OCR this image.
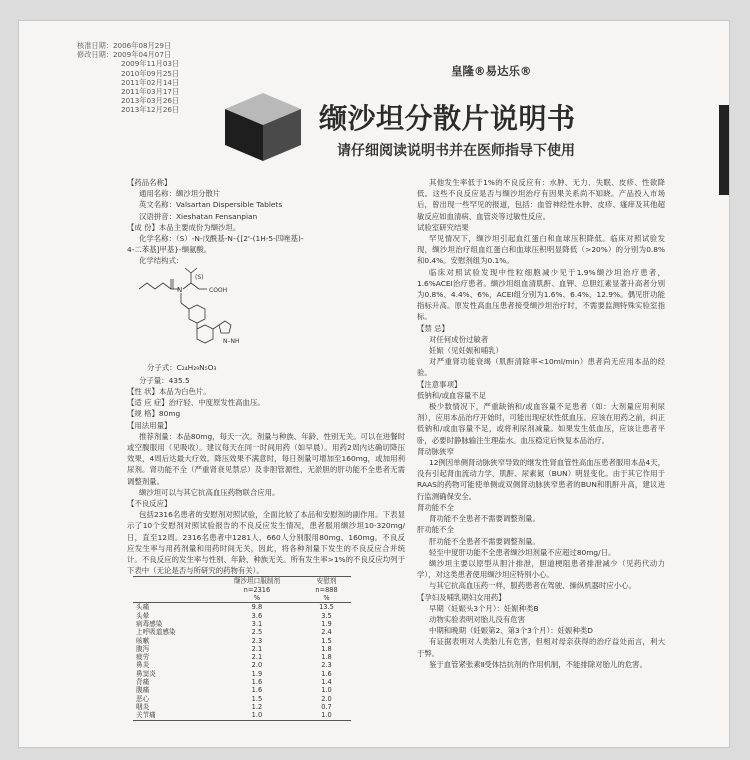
核准日期：2006年08月29日
修改日期：2009年04月07日
2009年11月03日
2010年09月25日
2011年02月14日
2011年03月17日
2013年03月26日
2013年12月26日
皇隆®易达乐®
缬沙坦分散片说明书
请仔细阅读说明书并在医师指导下使用
【药品名称】
通用名称：缬沙坦分散片
英文名称：Valsartan Dispersible Tablets
汉语拼音：Xieshatan Fensanpian
【成 份】本品主要成份为缬沙坦。
化学名称：（S）-N-戊酰基-N-{[2'-(1H-5-四唑基)-
4-二苯基]甲基}-缬氨酸。
化学结构式：
N
(S)
COOH
N–NH
分子式：C₂₄H₂₉N₅O₃
分子量：435.5
【性 状】本品为白色片。
【适 应 症】治疗轻、中度原发性高血压。
【规 格】80mg
【用法用量】
推荐剂量：本品80mg，每天一次。剂量与种族、年龄、性别无关。可以在进餐时或空腹服用（见吸收）。建议每天在同一时间用药（如早晨）。用药2周内达确切降压效果，4周后达最大疗效。降压效果不满意时，每日剂量可增加至160mg，或加用利尿剂。肾功能不全（严重肾衰见禁忌）及非胆管源性、无淤胆的肝功能不全患者无需调整剂量。
缬沙坦可以与其它抗高血压药物联合应用。
【不良反应】
包括2316名患者的安慰剂对照试验，全面比较了本品和安慰剂的副作用。下表显示了10个安慰剂对照试验报告的不良反应发生情况，患者服用缬沙坦10-320mg/日，直至12周。2316名患者中1281人、660人分别服用80mg、160mg。不良反应发生率与用药剂量和用药时间无关，因此，将各种剂量下发生的不良反应合并统计。不良反应的发生率与性别、年龄、种族无关。所有发生率>1%的不良反应均列于下表中（无论是否与所研究的药物有关）。
	缬沙坦口服制剂	安慰剂
	n=2316	n=888
	%	%
头痛	9.8	13.5
头晕	3.6	3.5
病毒感染	3.1	1.9
上呼吸道感染	2.5	2.4
咳嗽	2.3	1.5
腹泻	2.1	1.8
疲劳	2.1	1.8
鼻炎	2.0	2.3
鼻窦炎	1.9	1.6
背痛	1.6	1.4
腹痛	1.6	1.0
恶心	1.5	2.0
咽炎	1.2	0.7
关节痛	1.0	1.0
其他发生率低于1%的不良反应有：水肿、无力、失眠、皮疹、性欲降低。这些不良反应是否与缬沙坦治疗有因果关系尚不知晓。产品投入市场后，曾出现一些罕见的报道，包括：血管神经性水肿、皮疹、瘙痒及其他超敏反应如血清病、血管炎等过敏性反应。
试验室研究结果
罕见情况下，缬沙坦引起血红蛋白和血球压积降低。临床对照试验发现，缬沙坦治疗组血红蛋白和血球压积明显降低（>20%）的分别为0.8%和0.4%。安慰剂组为0.1%。
临床对照试验发现中性粒细胞减少见于1.9%缬沙坦治疗患者，1.6%ACEI治疗患者。缬沙坦组血清肌酐、血钾、总胆红素显著升高者分别为0.8%、4.4%、6%，ACEI组分别为1.6%、6.4%、12.9%。偶见肝功能指标升高。原发性高血压患者接受缬沙坦治疗时，不需要监测特殊实验室指标。
【禁 忌】
对任何成份过敏者
妊娠（见妊娠和哺乳）
对严重肾功能衰竭（肌酐清除率<10ml/min）患者尚无应用本品的经验。
【注意事项】
低钠和/或血容量不足
极少数情况下，严重缺钠和/或血容量不足患者（如：大剂量应用利尿剂），应用本品治疗开始时，可能出现症状性低血压。应该在用药之前，纠正低钠和/或血容量不足，或将利尿剂减量。如果发生低血压，应该让患者平卧，必要时静脉输注生理盐水。血压稳定后恢复本品治疗。
肾动脉狭窄
12例因单侧肾动脉狭窄导致的继发性肾血管性高血压患者服用本品4天，没有引起肾血流动力学、肌酐、尿素氮（BUN）明显变化。由于其它作用于RAAS的药物可能使单侧或双侧肾动脉狭窄患者的BUN和肌酐升高，建议进行监测确保安全。
肾功能不全
肾功能不全患者不需要调整剂量。
肝功能不全
肝功能不全患者不需要调整剂量。
轻至中度肝功能不全患者缬沙坦剂量不应超过80mg/日。
缬沙坦主要以原型从胆汁排泄，胆道梗阻患者排泄减少（见药代动力学），对这类患者使用缬沙坦应特别小心。
与其它抗高血压药一样，服药患者在驾驶、操纵机器时应小心。
【孕妇及哺乳期妇女用药】
早期（妊娠头3个月）：妊娠种类B
动物实验表明对胎儿没有危害
中期和晚期（妊娠第2、第3个3个月）：妊娠种类D
有证据表明对人类胎儿有危害，但相对母亲获得的治疗益处而言，利大于弊。
鉴于血管紧张素Ⅱ受体拮抗剂的作用机制，不能排除对胎儿的危害。
